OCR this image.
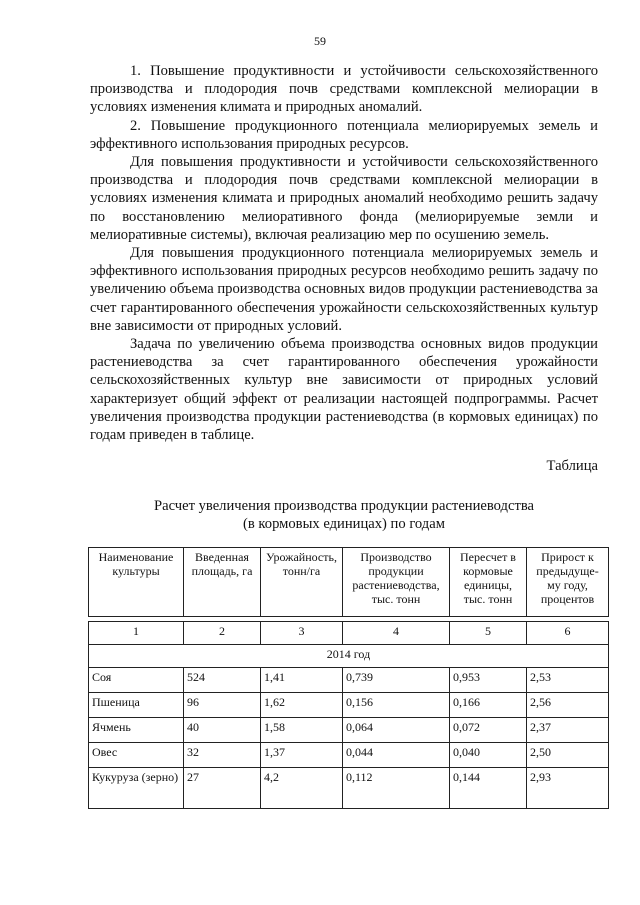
59

1. Повышение продуктивности и устойчивости сельскохозяйственного производства и плодородия почв средствами комплексной мелиорации в условиях изменения климата и природных аномалий.

2. Повышение продукционного потенциала мелиорируемых земель и эффективного использования природных ресурсов.

Для повышения продуктивности и устойчивости сельскохозяйственного производства и плодородия почв средствами комплексной мелиорации в условиях изменения климата и природных аномалий необходимо решить задачу по восстановлению мелиоративного фонда (мелиорируемые земли и мелиоративные системы), включая реализацию мер по осушению земель.

Для повышения продукционного потенциала мелиорируемых земель и эффективного использования природных ресурсов необходимо решить задачу по увеличению объема производства основных видов продукции растениеводства за счет гарантированного обеспечения урожайности сельскохозяйственных культур вне зависимости от природных условий.

Задача по увеличению объема производства основных видов продукции растениеводства за счет гарантированного обеспечения урожайности сельскохозяйственных культур вне зависимости от природных условий характеризует общий эффект от реализации настоящей подпрограммы. Расчет увеличения производства продукции растениеводства (в кормовых единицах) по годам приведен в таблице.

Таблица
Расчет увеличения производства продукции растениеводства
(в кормовых единицах) по годам
Наименование культуры	Введенная площадь, га	Урожайность, тонн/га	Производство продукции растениеводства, тыс. тонн	Пересчет в кормовые единицы, тыс. тонн	Прирост к предыдуще-му году, процентов

1	2	3	4	5	6
2014 год					
Соя	524	1,41	0,739	0,953	2,53
Пшеница	96	1,62	0,156	0,166	2,56
Ячмень	40	1,58	0,064	0,072	2,37
Овес	32	1,37	0,044	0,040	2,50
Кукуруза (зерно)	27	4,2	0,112	0,144	2,93
